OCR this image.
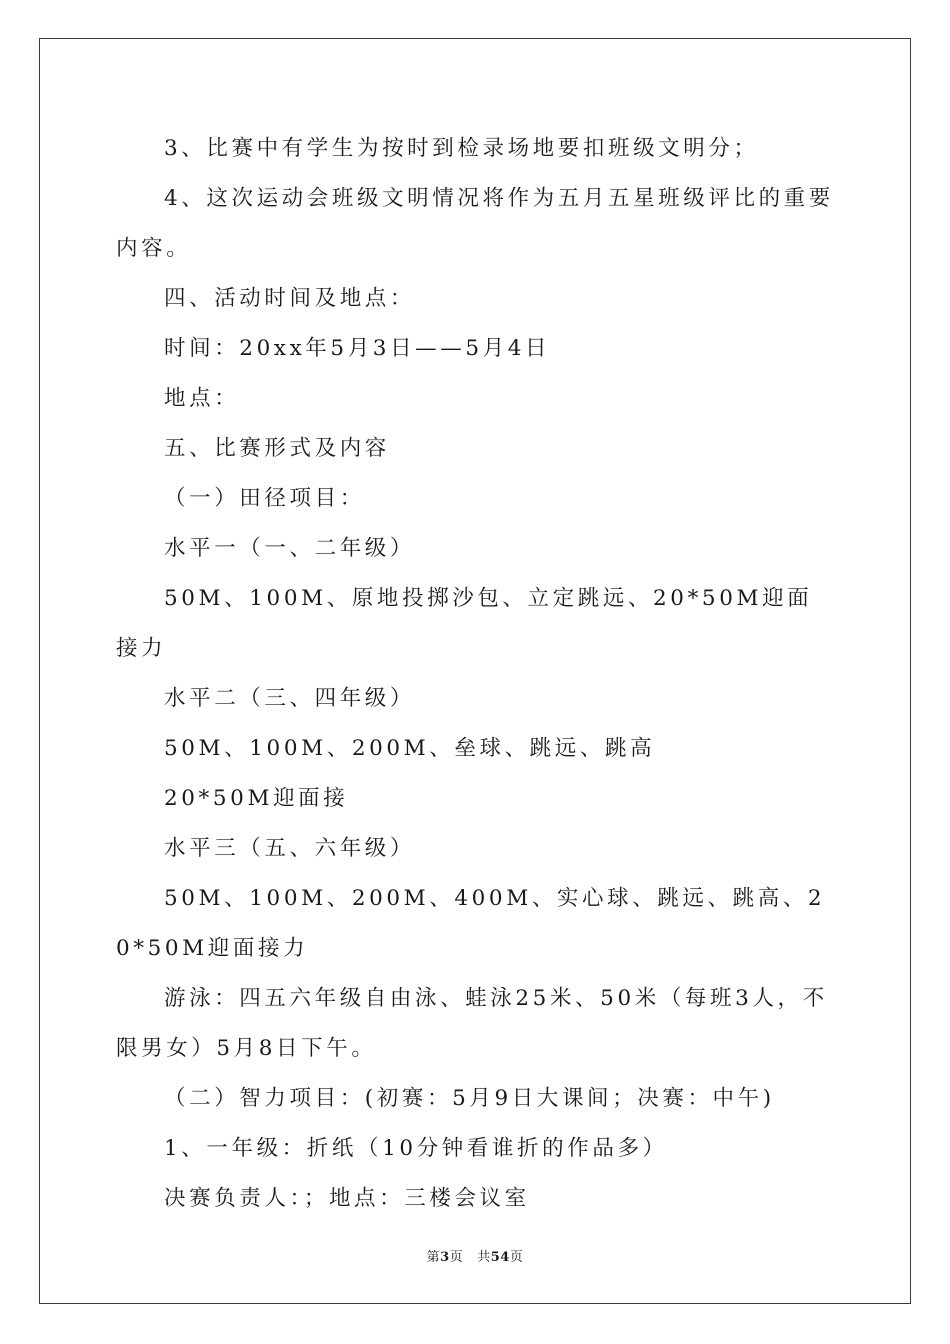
3、比赛中有学生为按时到检录场地要扣班级文明分；

4、这次运动会班级文明情况将作为五月五星班级评比的重要内容。

四、活动时间及地点：

时间：20xx年5月3日——5月4日

地点：

五、比赛形式及内容

（一）田径项目：

水平一（一、二年级）

50M、100M、原地投掷沙包、立定跳远、20*50M迎面接力

水平二（三、四年级）

50M、100M、200M、垒球、跳远、跳高

20*50M迎面接

水平三（五、六年级）

50M、100M、200M、400M、实心球、跳远、跳高、20*50M迎面接力

游泳：四五六年级自由泳、蛙泳25米、50米（每班3人，不限男女）5月8日下午。

（二）智力项目：(初赛：5月9日大课间；决赛：中午)

1、一年级：折纸（10分钟看谁折的作品多）

决赛负责人：；地点：三楼会议室

第3页 共54页
